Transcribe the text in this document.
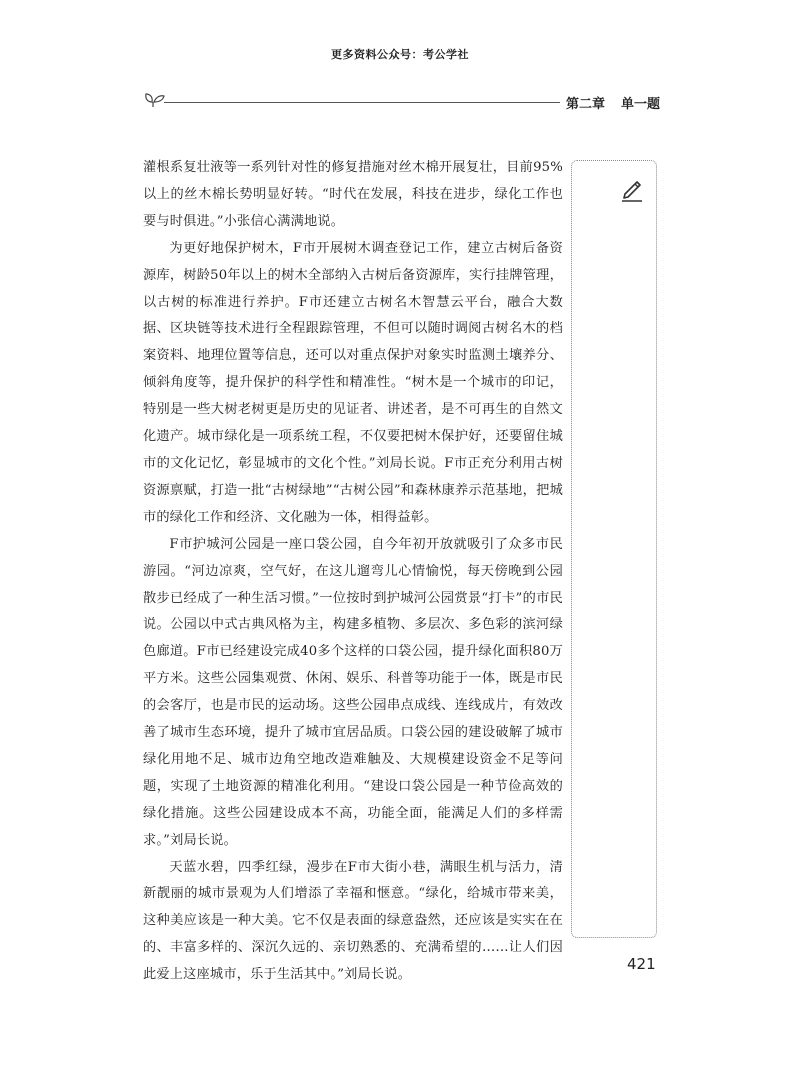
更多资料公众号：考公学社
第二章 单一题

灌根系复壮液等一系列针对性的修复措施对丝木棉开展复壮，目前95%以上的丝木棉长势明显好转。“时代在发展，科技在进步，绿化工作也要与时俱进。”小张信心满满地说。

为更好地保护树木，F市开展树木调查登记工作，建立古树后备资源库，树龄50年以上的树木全部纳入古树后备资源库，实行挂牌管理，以古树的标准进行养护。F市还建立古树名木智慧云平台，融合大数据、区块链等技术进行全程跟踪管理，不但可以随时调阅古树名木的档案资料、地理位置等信息，还可以对重点保护对象实时监测土壤养分、倾斜角度等，提升保护的科学性和精准性。“树木是一个城市的印记，特别是一些大树老树更是历史的见证者、讲述者，是不可再生的自然文化遗产。城市绿化是一项系统工程，不仅要把树木保护好，还要留住城市的文化记忆，彰显城市的文化个性。”刘局长说。F市正充分利用古树资源禀赋，打造一批“古树绿地”“古树公园”和森林康养示范基地，把城市的绿化工作和经济、文化融为一体，相得益彰。

F市护城河公园是一座口袋公园，自今年初开放就吸引了众多市民游园。“河边凉爽，空气好，在这儿遛弯儿心情愉悦，每天傍晚到公园散步已经成了一种生活习惯。”一位按时到护城河公园赏景“打卡”的市民说。公园以中式古典风格为主，构建多植物、多层次、多色彩的滨河绿色廊道。F市已经建设完成40多个这样的口袋公园，提升绿化面积80万平方米。这些公园集观赏、休闲、娱乐、科普等功能于一体，既是市民的会客厅，也是市民的运动场。这些公园串点成线、连线成片，有效改善了城市生态环境，提升了城市宜居品质。口袋公园的建设破解了城市绿化用地不足、城市边角空地改造难触及、大规模建设资金不足等问题，实现了土地资源的精准化利用。“建设口袋公园是一种节俭高效的绿化措施。这些公园建设成本不高，功能全面，能满足人们的多样需求。”刘局长说。

天蓝水碧，四季红绿，漫步在F市大街小巷，满眼生机与活力，清新靓丽的城市景观为人们增添了幸福和惬意。“绿化，给城市带来美，这种美应该是一种大美。它不仅是表面的绿意盎然，还应该是实实在在的、丰富多样的、深沉久远的、亲切熟悉的、充满希望的……让人们因此爱上这座城市，乐于生活其中。”刘局长说。

421
